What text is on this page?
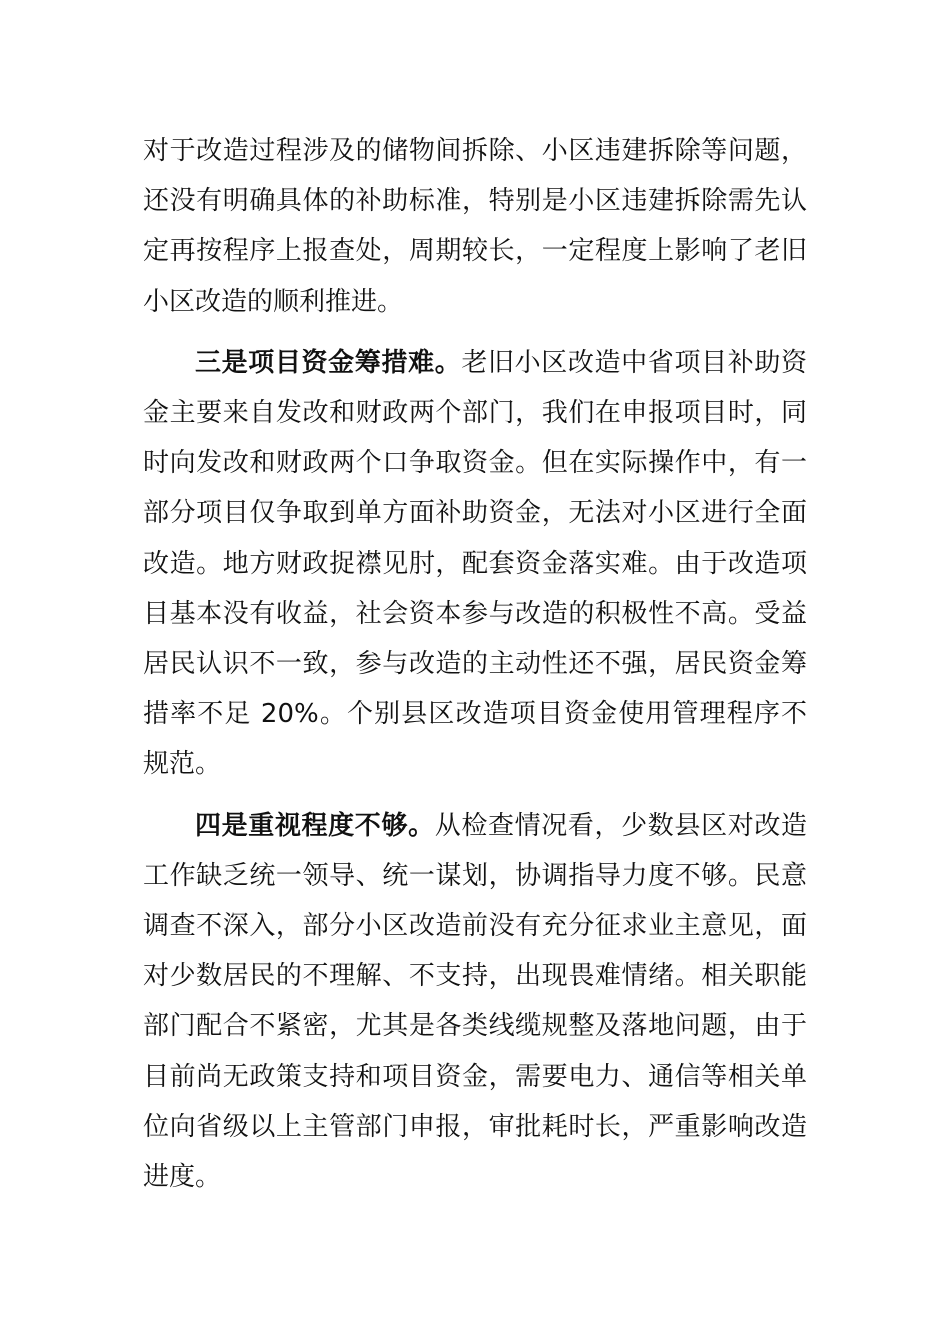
对于改造过程涉及的储物间拆除、小区违建拆除等问题，还没有明确具体的补助标准，特别是小区违建拆除需先认定再按程序上报查处，周期较长，一定程度上影响了老旧小区改造的顺利推进。

三是项目资金筹措难。老旧小区改造中省项目补助资金主要来自发改和财政两个部门，我们在申报项目时，同时向发改和财政两个口争取资金。但在实际操作中，有一部分项目仅争取到单方面补助资金，无法对小区进行全面改造。地方财政捉襟见肘，配套资金落实难。由于改造项目基本没有收益，社会资本参与改造的积极性不高。受益居民认识不一致，参与改造的主动性还不强，居民资金筹措率不足 20%。个别县区改造项目资金使用管理程序不规范。

四是重视程度不够。从检查情况看，少数县区对改造工作缺乏统一领导、统一谋划，协调指导力度不够。民意调查不深入，部分小区改造前没有充分征求业主意见，面对少数居民的不理解、不支持，出现畏难情绪。相关职能部门配合不紧密，尤其是各类线缆规整及落地问题，由于目前尚无政策支持和项目资金，需要电力、通信等相关单位向省级以上主管部门申报，审批耗时长，严重影响改造进度。
